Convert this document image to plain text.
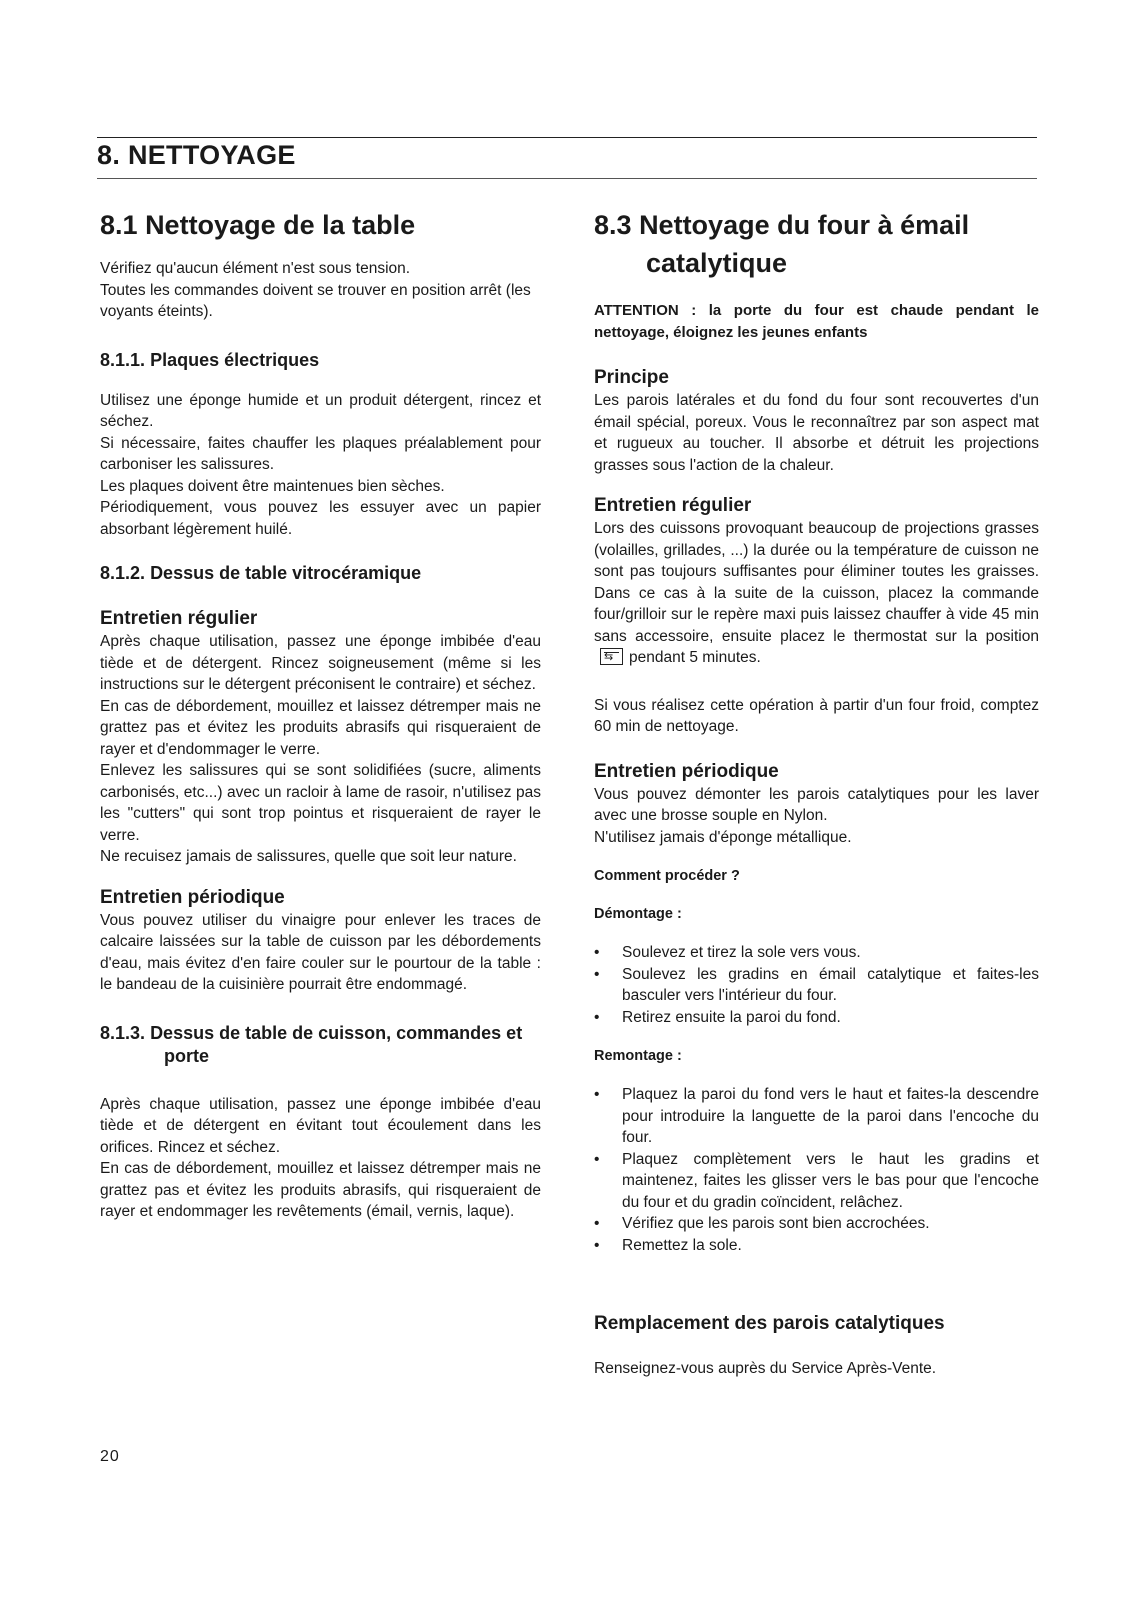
8. NETTOYAGE
8.1 Nettoyage de la table

Vérifiez qu'aucun élément n'est sous tension.

Toutes les commandes doivent se trouver en position arrêt (les voyants éteints).

8.1.1. Plaques électriques

Utilisez une éponge humide et un produit détergent, rincez et séchez.

Si nécessaire, faites chauffer les plaques préalablement pour carboniser les salissures.

Les plaques doivent être maintenues bien sèches.

Périodiquement, vous pouvez les essuyer avec un papier absorbant légèrement huilé.

8.1.2. Dessus de table vitrocéramique
Entretien régulier

Après chaque utilisation, passez une éponge imbibée d'eau tiède et de détergent. Rincez soigneusement (même si les instructions sur le détergent préconisent le contraire) et séchez.

En cas de débordement, mouillez et laissez détremper mais ne grattez pas et évitez les produits abrasifs qui risqueraient de rayer et d'endommager le verre.

Enlevez les salissures qui se sont solidifiées (sucre, aliments carbonisés, etc...) avec un racloir à lame de rasoir, n'utilisez pas les "cutters" qui sont trop pointus et risqueraient de rayer le verre.

Ne recuisez jamais de salissures, quelle que soit leur nature.

Entretien périodique

Vous pouvez utiliser du vinaigre pour enlever les traces de calcaire laissées sur la table de cuisson par les débordements d'eau, mais évitez d'en faire couler sur le pourtour de la table : le bandeau de la cuisinière pourrait être endommagé.

8.1.3. Dessus de table de cuisson, commandes et porte

Après chaque utilisation, passez une éponge imbibée d'eau tiède et de détergent en évitant tout écoulement dans les orifices. Rincez et séchez.

En cas de débordement, mouillez et laissez détremper mais ne grattez pas et évitez les produits abrasifs, qui risqueraient de rayer et endommager les revêtements (émail, vernis, laque).

8.3 Nettoyage du four à émail catalytique

ATTENTION : la porte du four est chaude pendant le nettoyage, éloignez les jeunes enfants

Principe

Les parois latérales et du fond du four sont recouvertes d'un émail spécial, poreux. Vous le reconnaîtrez par son aspect mat et rugueux au toucher. Il absorbe et détruit les projections grasses sous l'action de la chaleur.

Entretien régulier

Lors des cuissons provoquant beaucoup de projections grasses (volailles, grillades, ...) la durée ou la température de cuisson ne sont pas toujours suffisantes pour éliminer toutes les graisses. Dans ce cas à la suite de la cuisson, placez la commande four/grilloir sur le repère maxi puis laissez chauffer à vide 45 min sans accessoire, ensuite placez le thermostat sur la position⇆pendant 5 minutes.

Si vous réalisez cette opération à partir d'un four froid, comptez 60 min de nettoyage.

Entretien périodique

Vous pouvez démonter les parois catalytiques pour les laver avec une brosse souple en Nylon.

N'utilisez jamais d'éponge métallique.

Comment procéder ?
Démontage :
• Soulevez et tirez la sole vers vous.
• Soulevez les gradins en émail catalytique et faites-les basculer vers l'intérieur du four.
• Retirez ensuite la paroi du fond.
Remontage :
• Plaquez la paroi du fond vers le haut et faites-la descendre pour introduire la languette de la paroi dans l'encoche du four.
• Plaquez complètement vers le haut les gradins et maintenez, faites les glisser vers le bas pour que l'encoche du four et du gradin coïncident, relâchez.
• Vérifiez que les parois sont bien accrochées.
• Remettez la sole.
Remplacement des parois catalytiques

Renseignez-vous auprès du Service Après-Vente.

20
